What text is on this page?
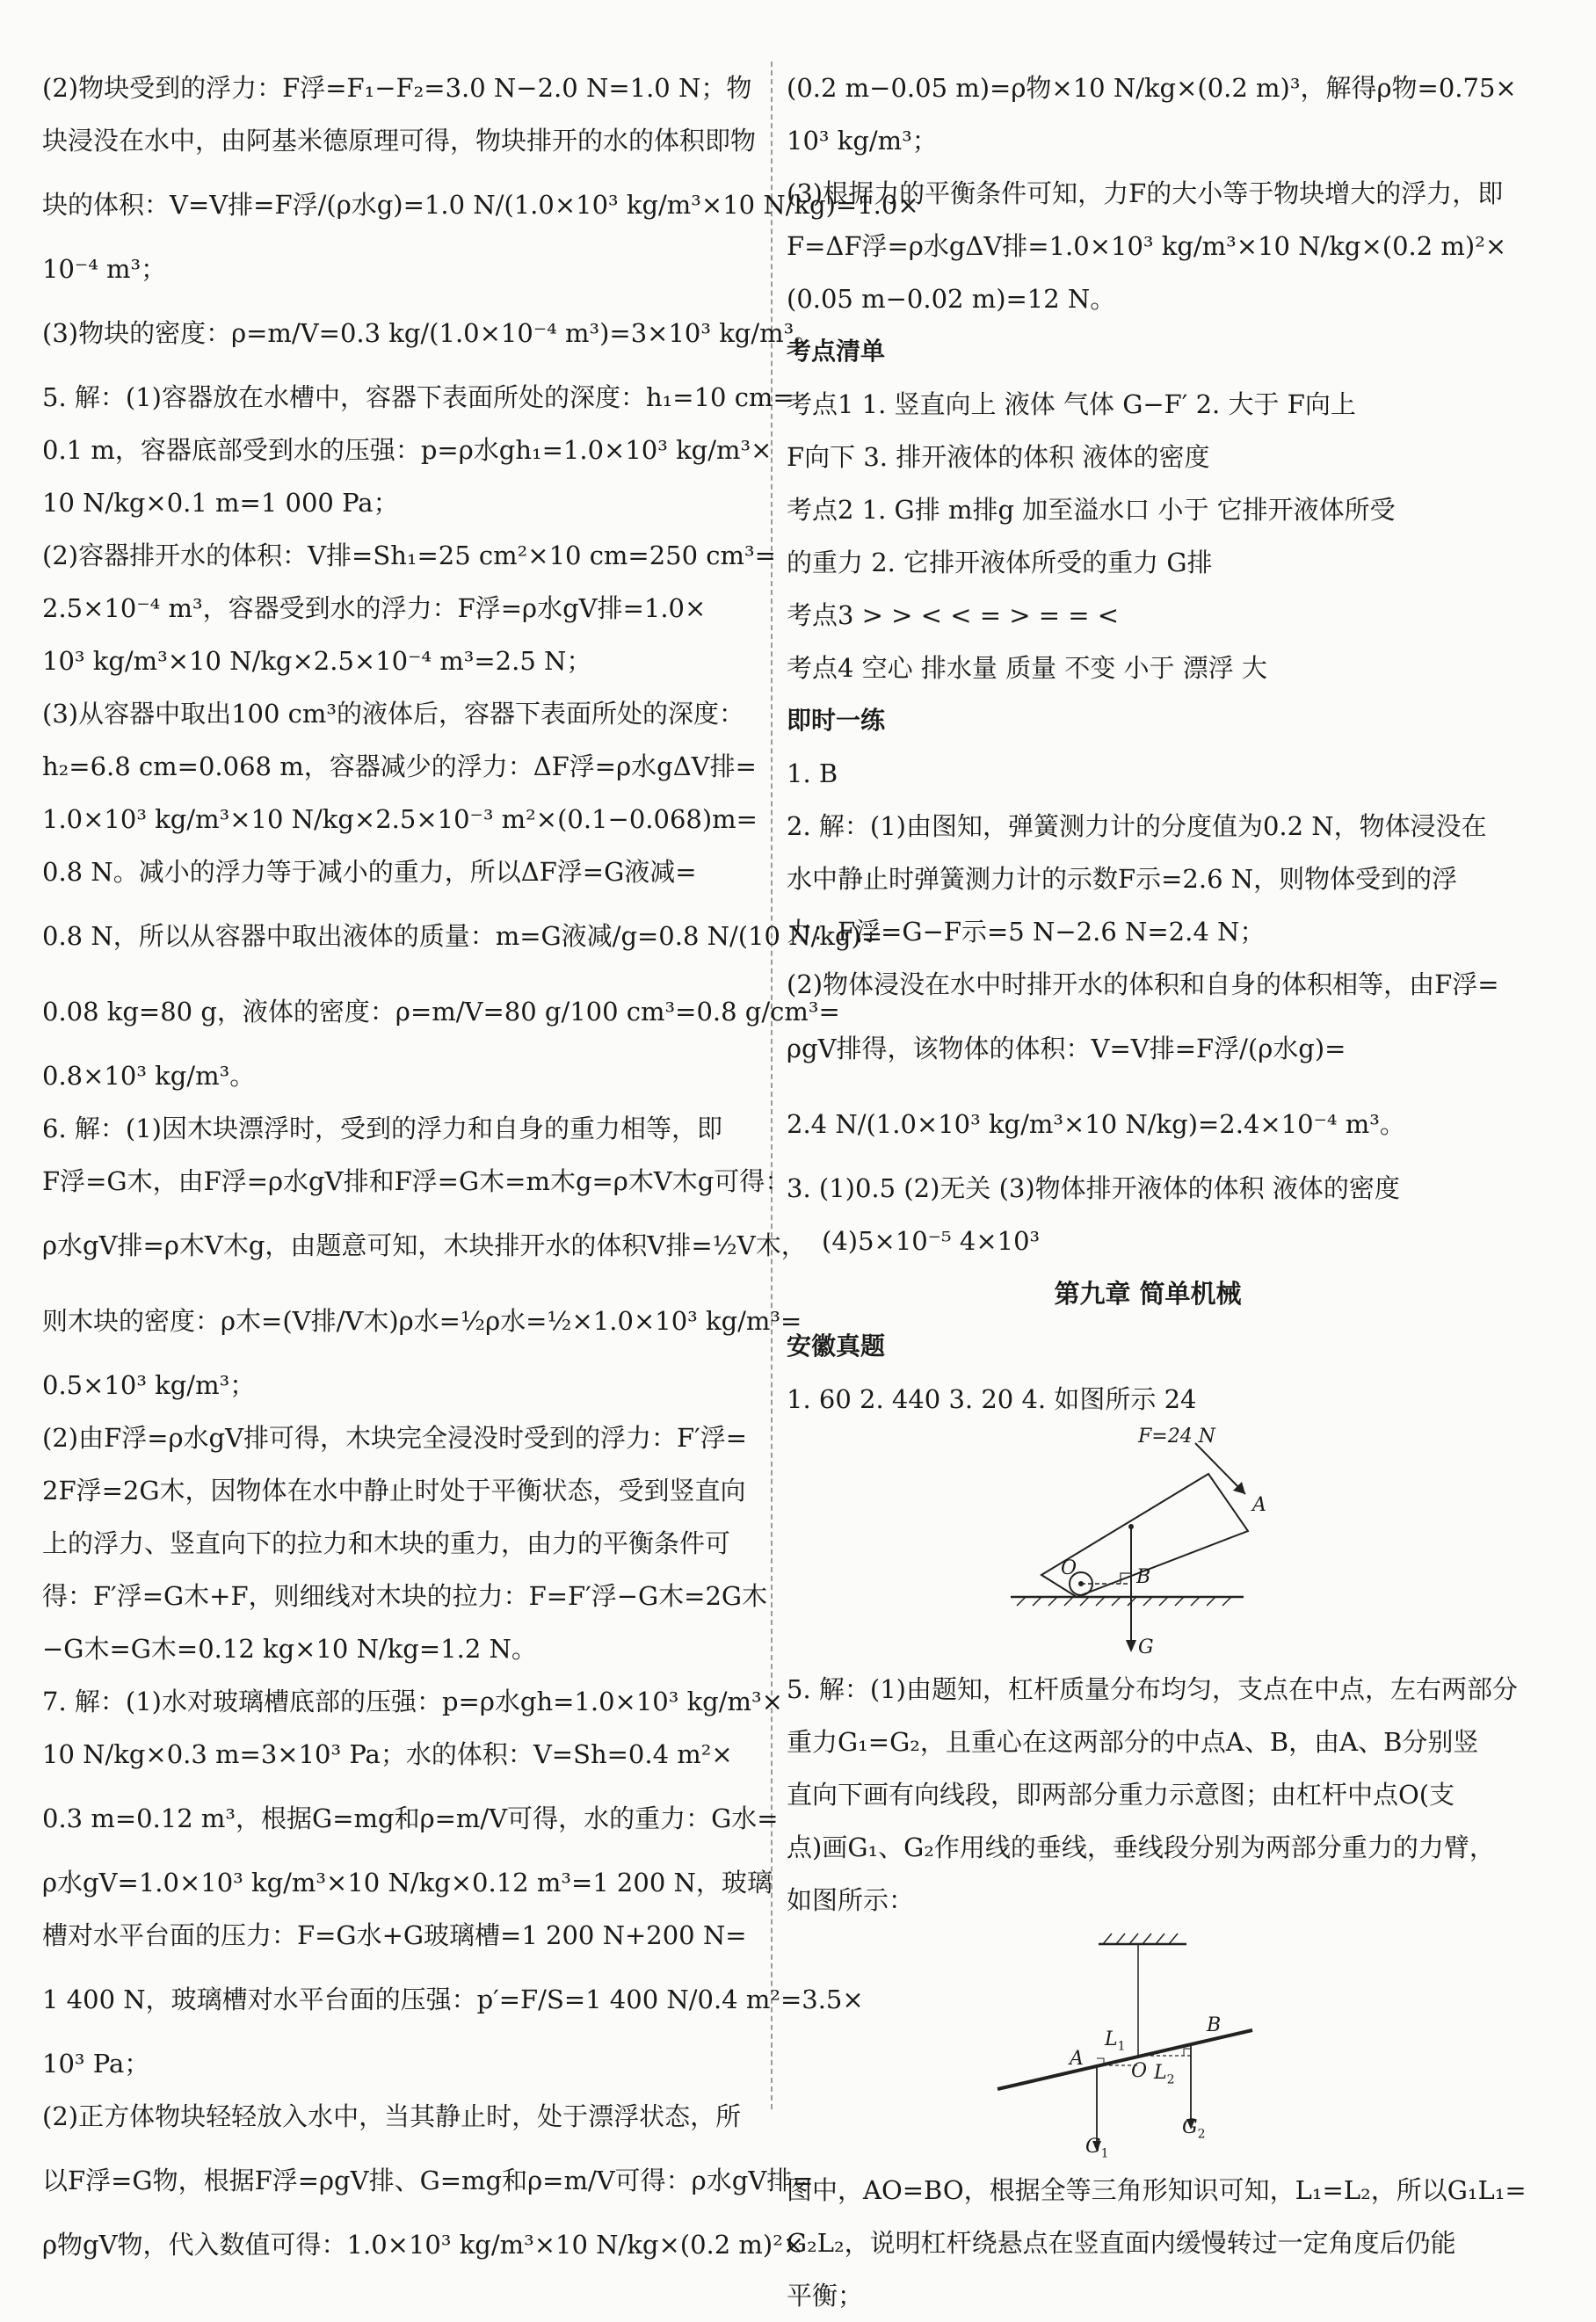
(2)物块受到的浮力：F浮=F₁−F₂=3.0 N−2.0 N=1.0 N；物
块浸没在水中，由阿基米德原理可得，物块排开的水的体积即物
块的体积：V=V排=F浮/(ρ水g)=1.0 N/(1.0×10³ kg/m³×10 N/kg)=1.0×
10⁻⁴ m³；
(3)物块的密度：ρ=m/V=0.3 kg/(1.0×10⁻⁴ m³)=3×10³ kg/m³。
5. 解：(1)容器放在水槽中，容器下表面所处的深度：h₁=10 cm=
0.1 m，容器底部受到水的压强：p=ρ水gh₁=1.0×10³ kg/m³×
10 N/kg×0.1 m=1 000 Pa；
(2)容器排开水的体积：V排=Sh₁=25 cm²×10 cm=250 cm³=
2.5×10⁻⁴ m³，容器受到水的浮力：F浮=ρ水gV排=1.0×
10³ kg/m³×10 N/kg×2.5×10⁻⁴ m³=2.5 N；
(3)从容器中取出100 cm³的液体后，容器下表面所处的深度：
h₂=6.8 cm=0.068 m，容器减少的浮力：ΔF浮=ρ水gΔV排=
1.0×10³ kg/m³×10 N/kg×2.5×10⁻³ m²×(0.1−0.068)m=
0.8 N。减小的浮力等于减小的重力，所以ΔF浮=G液减=
0.8 N，所以从容器中取出液体的质量：m=G液减/g=0.8 N/(10 N/kg)=
0.08 kg=80 g，液体的密度：ρ=m/V=80 g/100 cm³=0.8 g/cm³=
0.8×10³ kg/m³。
6. 解：(1)因木块漂浮时，受到的浮力和自身的重力相等，即
F浮=G木，由F浮=ρ水gV排和F浮=G木=m木g=ρ木V木g可得：
ρ水gV排=ρ木V木g，由题意可知，木块排开水的体积V排=½V木，
则木块的密度：ρ木=(V排/V木)ρ水=½ρ水=½×1.0×10³ kg/m³=
0.5×10³ kg/m³；
(2)由F浮=ρ水gV排可得，木块完全浸没时受到的浮力：F′浮=
2F浮=2G木，因物体在水中静止时处于平衡状态，受到竖直向
上的浮力、竖直向下的拉力和木块的重力，由力的平衡条件可
得：F′浮=G木+F，则细线对木块的拉力：F=F′浮−G木=2G木
−G木=G木=0.12 kg×10 N/kg=1.2 N。
7. 解：(1)水对玻璃槽底部的压强：p=ρ水gh=1.0×10³ kg/m³×
10 N/kg×0.3 m=3×10³ Pa；水的体积：V=Sh=0.4 m²×
0.3 m=0.12 m³，根据G=mg和ρ=m/V可得，水的重力：G水=
ρ水gV=1.0×10³ kg/m³×10 N/kg×0.12 m³=1 200 N，玻璃
槽对水平台面的压力：F=G水+G玻璃槽=1 200 N+200 N=
1 400 N，玻璃槽对水平台面的压强：p′=F/S=1 400 N/0.4 m²=3.5×
10³ Pa；
(2)正方体物块轻轻放入水中，当其静止时，处于漂浮状态，所
以F浮=G物，根据F浮=ρgV排、G=mg和ρ=m/V可得：ρ水gV排=
ρ物gV物，代入数值可得：1.0×10³ kg/m³×10 N/kg×(0.2 m)²×
(0.2 m−0.05 m)=ρ物×10 N/kg×(0.2 m)³，解得ρ物=0.75×
10³ kg/m³；
(3)根据力的平衡条件可知，力F的大小等于物块增大的浮力，即
F=ΔF浮=ρ水gΔV排=1.0×10³ kg/m³×10 N/kg×(0.2 m)²×
(0.05 m−0.02 m)=12 N。
考点清单
考点1 1. 竖直向上 液体 气体 G−F′ 2. 大于 F向上
F向下 3. 排开液体的体积 液体的密度
考点2 1. G排 m排g 加至溢水口 小于 它排开液体所受
的重力 2. 它排开液体所受的重力 G排
考点3 > > < < = > = = <
考点4 空心 排水量 质量 不变 小于 漂浮 大
即时一练
1. B
2. 解：(1)由图知，弹簧测力计的分度值为0.2 N，物体浸没在
水中静止时弹簧测力计的示数F示=2.6 N，则物体受到的浮
力：F浮=G−F示=5 N−2.6 N=2.4 N；
(2)物体浸没在水中时排开水的体积和自身的体积相等，由F浮=
ρgV排得，该物体的体积：V=V排=F浮/(ρ水g)=
2.4 N/(1.0×10³ kg/m³×10 N/kg)=2.4×10⁻⁴ m³。
3. (1)0.5 (2)无关 (3)物体排开液体的体积 液体的密度
(4)5×10⁻⁵ 4×10³
第九章 简单机械
安徽真题
1. 60 2. 440 3. 20 4. 如图所示 24
F=24 N
A
O	B
G
5. 解：(1)由题知，杠杆质量分布均匀，支点在中点，左右两部分
重力G₁=G₂，且重心在这两部分的中点A、B，由A、B分别竖
直向下画有向线段，即两部分重力示意图；由杠杆中点O(支
点)画G₁、G₂作用线的垂线，垂线段分别为两部分重力的力臂，
如图所示：
A
$L_1$
B
O $L_2$
$G_1$
$G_2$
图中，AO=BO，根据全等三角形知识可知，L₁=L₂，所以G₁L₁=
G₂L₂，说明杠杆绕悬点在竖直面内缓慢转过一定角度后仍能
平衡；
